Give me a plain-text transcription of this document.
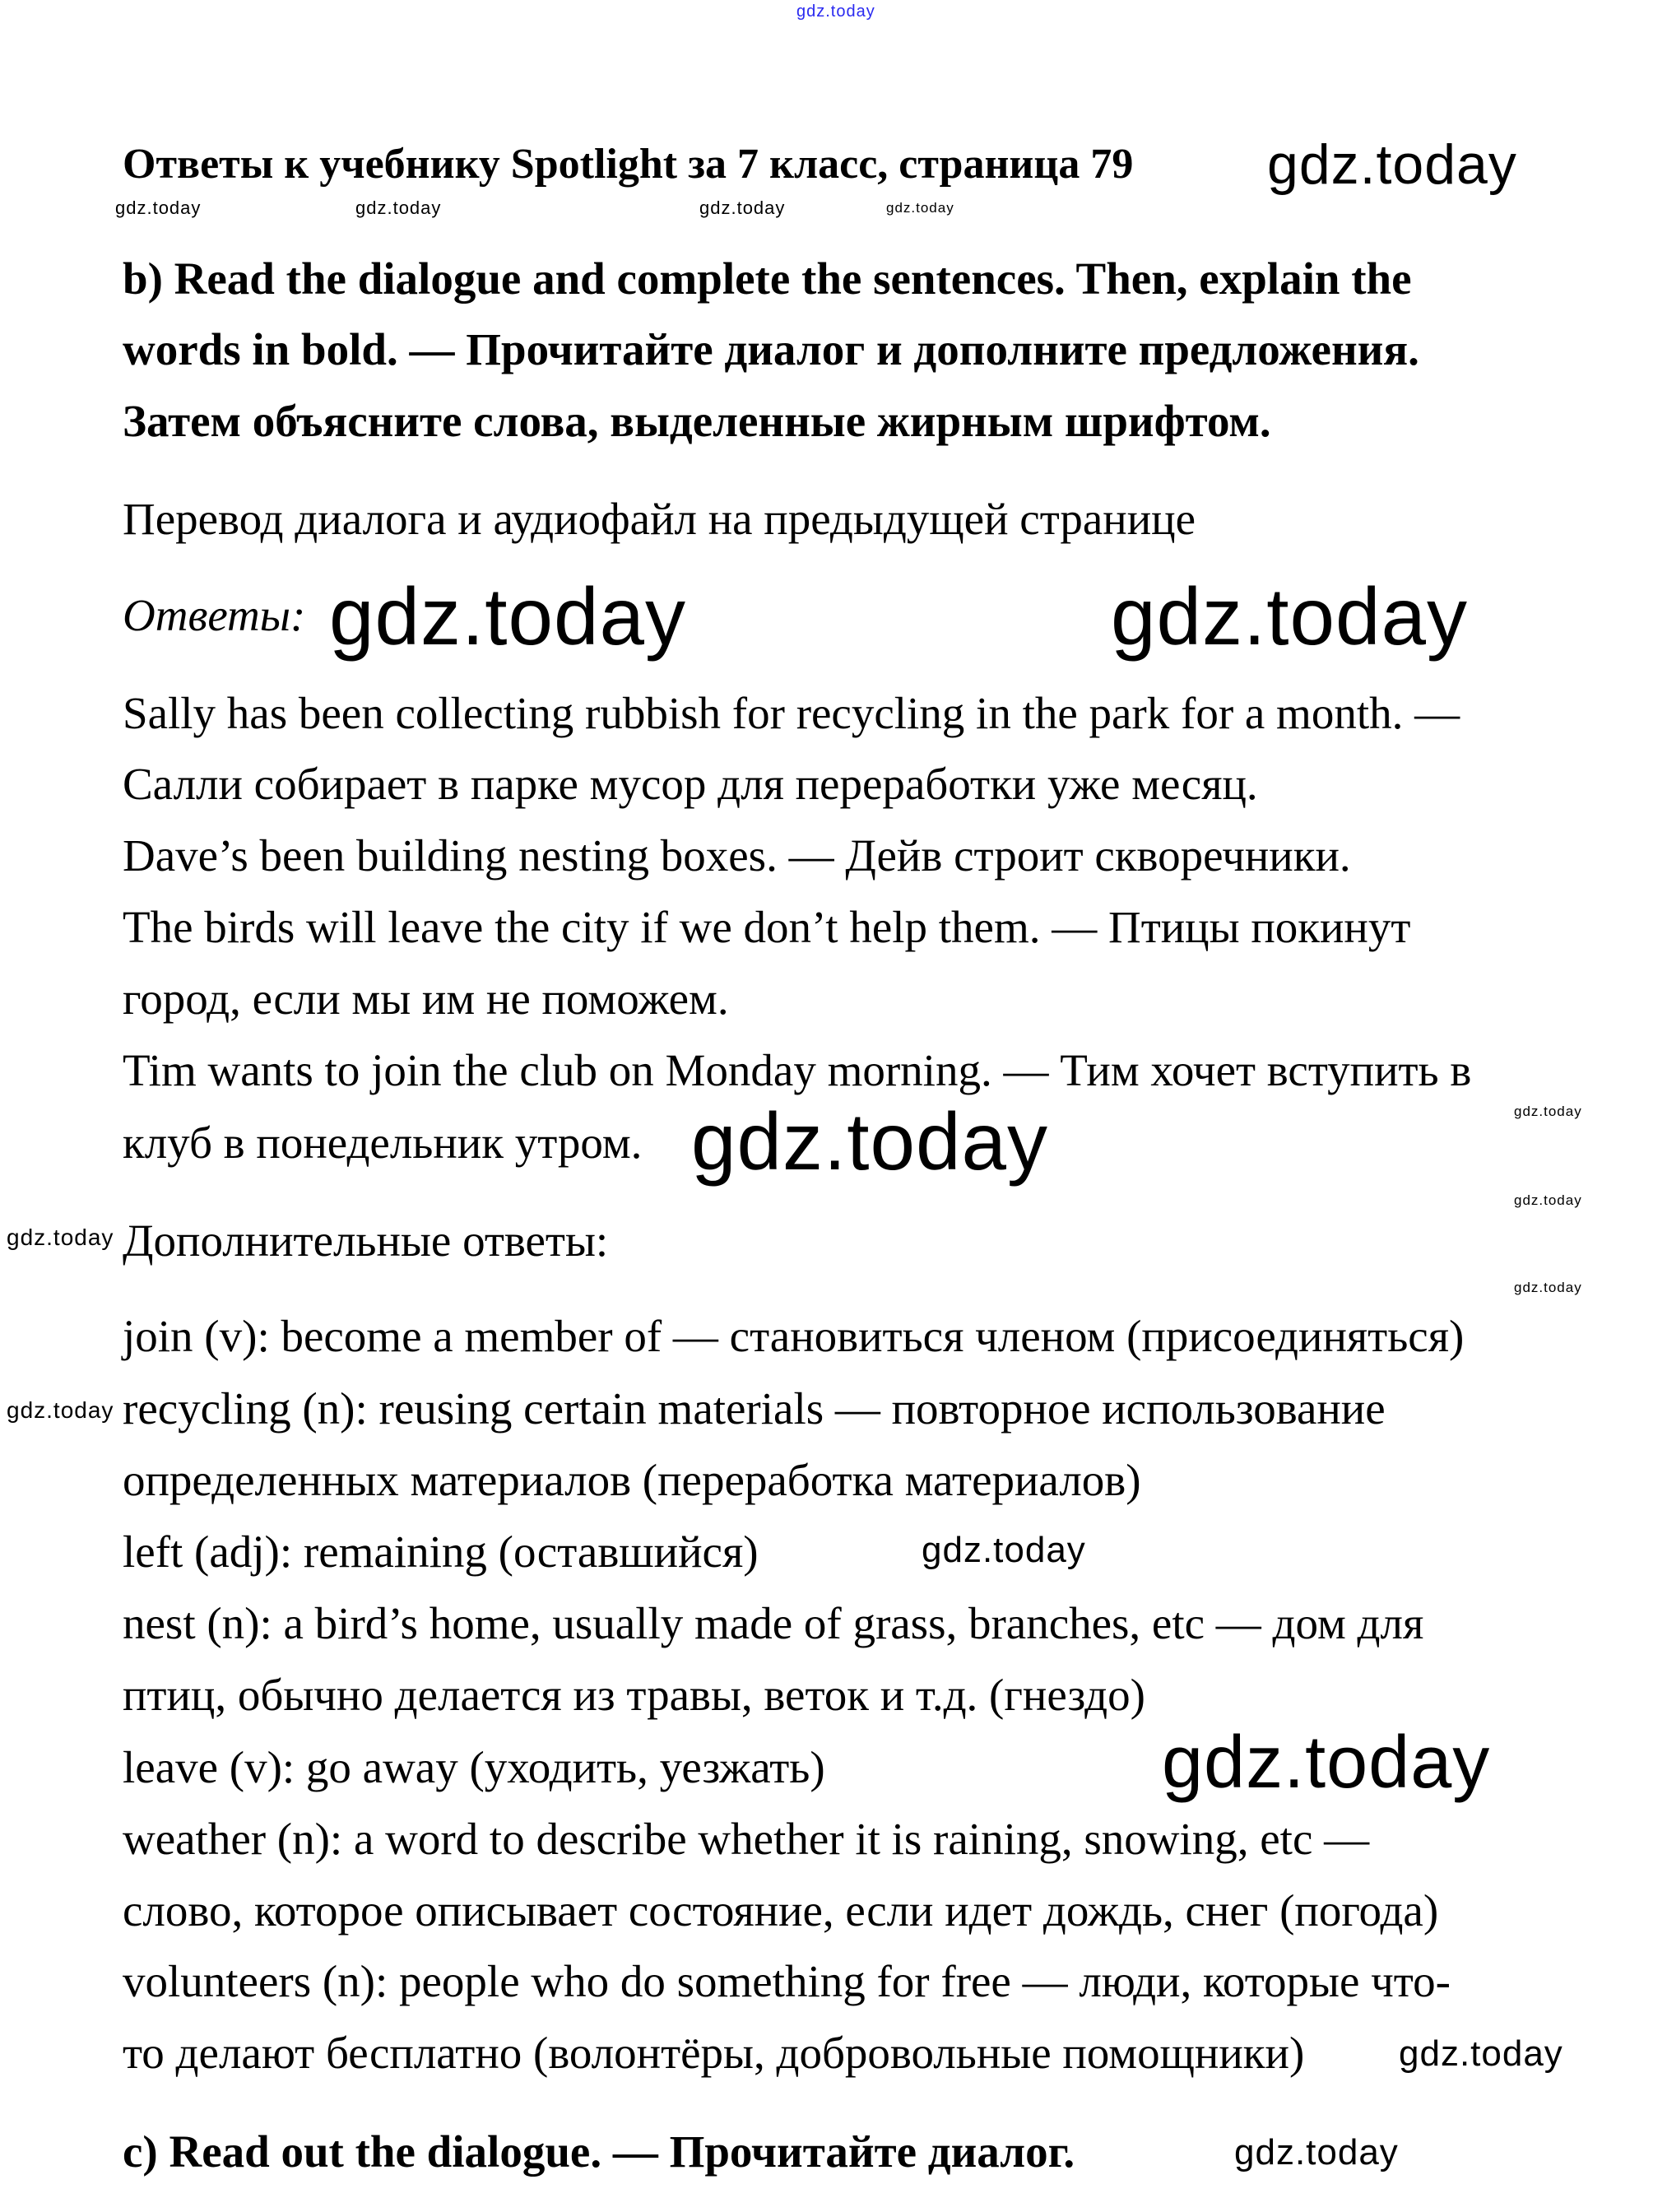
gdz.today
gdz.today
gdz.today	gdz.today	gdz.today	gdz.today
gdz.today	gdz.today
gdz.today	gdz.today
gdz.today
gdz.today
gdz.today
gdz.today
gdz.today
gdz.today
gdz.today
gdz.today
Ответы к учебнику Spotlight за 7 класс, страница 79
b) Read the dialogue and complete the sentences. Then, explain the
words in bold. — Прочитайте диалог и дополните предложения.
Затем объясните слова, выделенные жирным шрифтом.
Перевод диалога и аудиофайл на предыдущей странице
Ответы:
Sally has been collecting rubbish for recycling in the park for a month. —
Салли собирает в парке мусор для переработки уже месяц.
Dave’s been building nesting boxes. — Дейв строит скворечники.
The birds will leave the city if we don’t help them. — Птицы покинут
город, если мы им не поможем.
Tim wants to join the club on Monday morning. — Тим хочет вступить в
клуб в понедельник утром.
Дополнительные ответы:
join (v): become a member of — становиться членом (присоединяться)
recycling (n): reusing certain materials — повторное использование
определенных материалов (переработка материалов)
left (adj): remaining (оставшийся)
nest (n): a bird’s home, usually made of grass, branches, etc — дом для
птиц, обычно делается из травы, веток и т.д. (гнездо)
leave (v): go away (уходить, уезжать)
weather (n): a word to describe whether it is raining, snowing, etc —
слово, которое описывает состояние, если идет дождь, снег (погода)
volunteers (n): people who do something for free — люди, которые что-
то делают бесплатно (волонтёры, добровольные помощники)
c) Read out the dialogue. — Прочитайте диалог.
